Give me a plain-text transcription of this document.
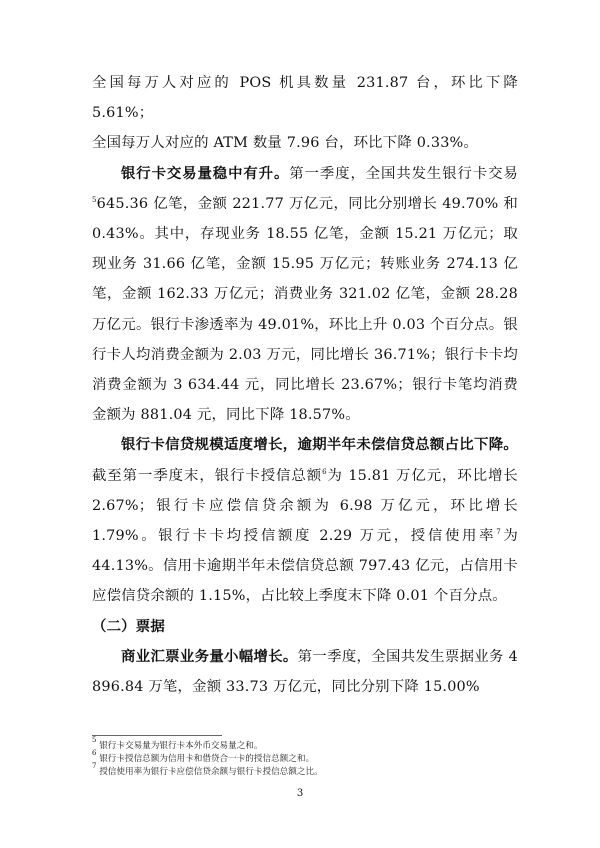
全国每万人对应的 POS 机具数量 231.87 台，环比下降 5.61%；
全国每万人对应的 ATM 数量 7.96 台，环比下降 0.33%。

银行卡交易量稳中有升。第一季度，全国共发生银行卡交易$^5$645.36 亿笔，金额 221.77 万亿元，同比分别增长 49.70% 和 0.43%。其中，存现业务 18.55 亿笔，金额 15.21 万亿元；取现业务 31.66 亿笔，金额 15.95 万亿元；转账业务 274.13 亿笔，金额 162.33 万亿元；消费业务 321.02 亿笔，金额 28.28 万亿元。银行卡渗透率为 49.01%，环比上升 0.03 个百分点。银行卡人均消费金额为 2.03 万元，同比增长 36.71%；银行卡卡均消费金额为 3 634.44 元，同比增长 23.67%；银行卡笔均消费金额为 881.04 元，同比下降 18.57%。

银行卡信贷规模适度增长，逾期半年未偿信贷总额占比下降。截至第一季度末，银行卡授信总额$^6$为 15.81 万亿元，环比增长 2.67%；银行卡应偿信贷余额为 6.98 万亿元，环比增长 1.79%。银行卡卡均授信额度 2.29 万元，授信使用率$^7$为 44.13%。信用卡逾期半年未偿信贷总额 797.43 亿元，占信用卡应偿信贷余额的 1.15%，占比较上季度末下降 0.01 个百分点。

（二）票据

商业汇票业务量小幅增长。第一季度，全国共发生票据业务 4 896.84 万笔，金额 33.73 万亿元，同比分别下降 15.00%

$^5$ 银行卡交易量为银行卡本外币交易量之和。
$^6$ 银行卡授信总额为信用卡和借贷合一卡的授信总额之和。
$^7$ 授信使用率为银行卡应偿信贷余额与银行卡授信总额之比。
3
